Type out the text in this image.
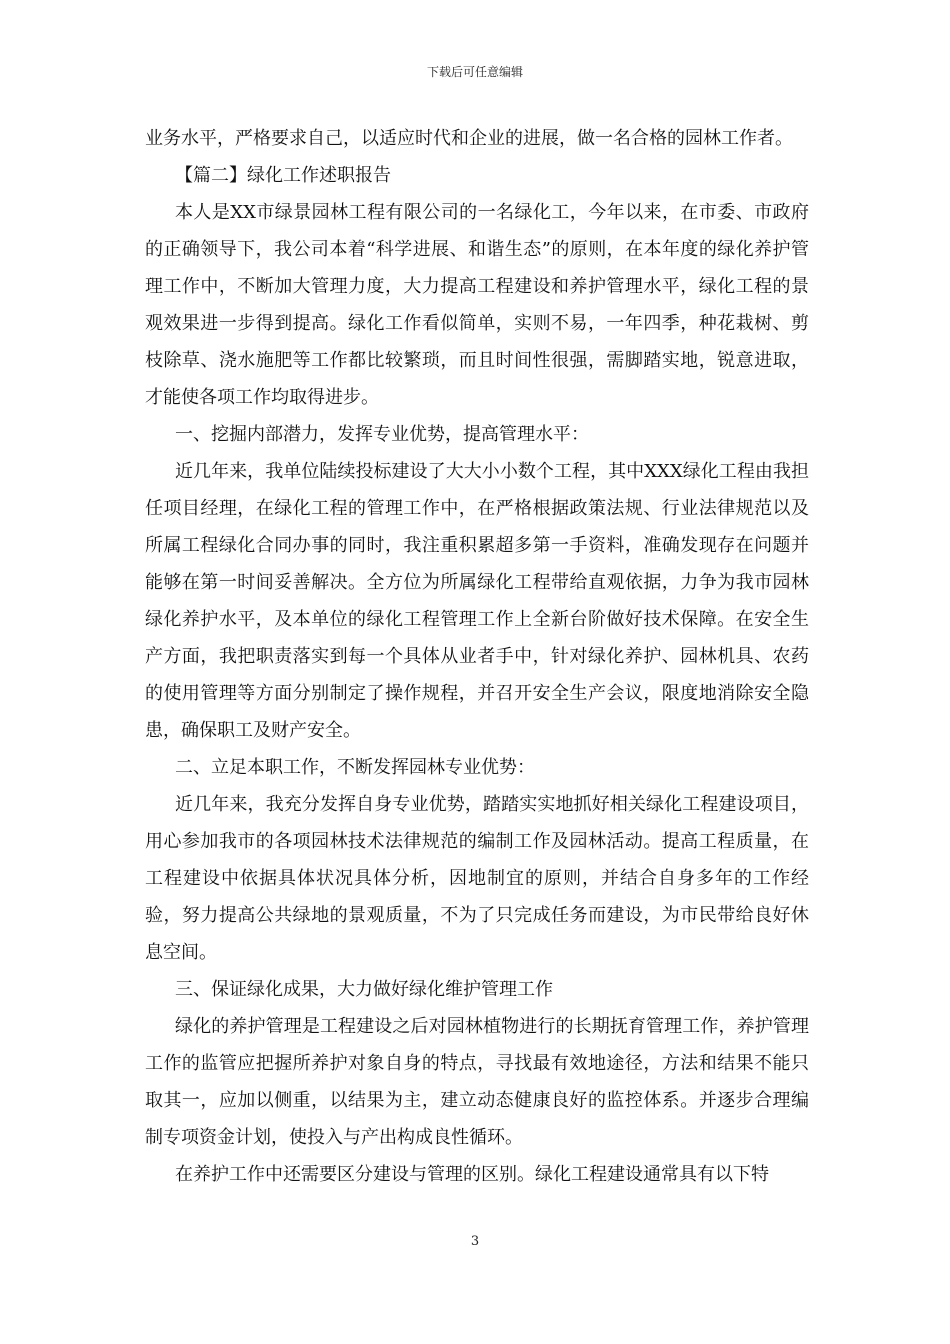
下载后可任意编辑

业务水平，严格要求自己，以适应时代和企业的进展，做一名合格的园林工作者。

【篇二】绿化工作述职报告

本人是XX市绿景园林工程有限公司的一名绿化工，今年以来，在市委、市政府的正确领导下，我公司本着“科学进展、和谐生态”的原则，在本年度的绿化养护管理工作中，不断加大管理力度，大力提高工程建设和养护管理水平，绿化工程的景观效果进一步得到提高。绿化工作看似简单，实则不易，一年四季，种花栽树、剪枝除草、浇水施肥等工作都比较繁琐，而且时间性很强，需脚踏实地，锐意进取，才能使各项工作均取得进步。

一、挖掘内部潜力，发挥专业优势，提高管理水平：

近几年来，我单位陆续投标建设了大大小小数个工程，其中XXX绿化工程由我担任项目经理，在绿化工程的管理工作中，在严格根据政策法规、行业法律规范以及所属工程绿化合同办事的同时，我注重积累超多第一手资料，准确发现存在问题并能够在第一时间妥善解决。全方位为所属绿化工程带给直观依据，力争为我市园林绿化养护水平，及本单位的绿化工程管理工作上全新台阶做好技术保障。在安全生产方面，我把职责落实到每一个具体从业者手中，针对绿化养护、园林机具、农药的使用管理等方面分别制定了操作规程，并召开安全生产会议，限度地消除安全隐患，确保职工及财产安全。

二、立足本职工作，不断发挥园林专业优势：

近几年来，我充分发挥自身专业优势，踏踏实实地抓好相关绿化工程建设项目，用心参加我市的各项园林技术法律规范的编制工作及园林活动。提高工程质量，在工程建设中依据具体状况具体分析，因地制宜的原则，并结合自身多年的工作经验，努力提高公共绿地的景观质量，不为了只完成任务而建设，为市民带给良好休息空间。

三、保证绿化成果，大力做好绿化维护管理工作

绿化的养护管理是工程建设之后对园林植物进行的长期抚育管理工作，养护管理工作的监管应把握所养护对象自身的特点，寻找最有效地途径，方法和结果不能只取其一，应加以侧重，以结果为主，建立动态健康良好的监控体系。并逐步合理编制专项资金计划，使投入与产出构成良性循环。

在养护工作中还需要区分建设与管理的区别。绿化工程建设通常具有以下特

3
